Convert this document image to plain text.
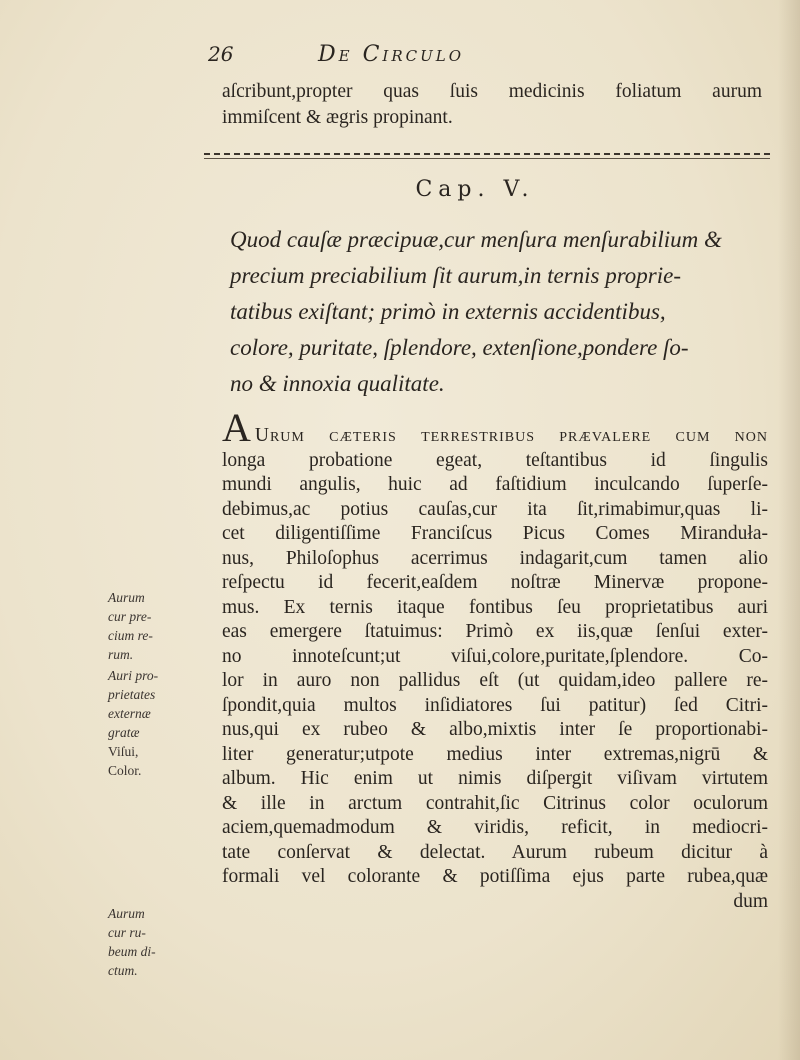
26	De Circulo

aſcribunt,propter quas ſuis medicinis foliatum aurum

immiſcent & ægris propinant.

Cap. V.

Quod cauſæ præcipuæ,cur menſura menſurabilium &
precium preciabilium ſit aurum,in ternis proprie-
tatibus exiſtant; primò in externis accidentibus,
colore, puritate, ſplendore, extenſione,pondere ſo-
no & innoxia qualitate.

A Urum cæteris terreſtribus prævalere cum non
longa probatione egeat, teſtantibus id ſingulis
mundi angulis, huic ad faſtidium inculcando ſuperſe-
debimus,ac potius cauſas,cur ita ſit,rimabimur,quas li-
cet diligentiſſime Franciſcus Picus Comes Miranduła-
nus, Philoſophus acerrimus indagarit,cum tamen alio
reſpectu id fecerit,eaſdem noſtræ Minervæ propone-
mus. Ex ternis itaque fontibus ſeu proprietatibus auri
eas emergere ſtatuimus: Primò ex iis,quæ ſenſui exter-
no innoteſcunt;ut viſui,colore,puritate,ſplendore. Co-
lor in auro non pallidus eſt (ut quidam,ideo pallere re-
ſpondit,quia multos inſidiatores ſui patitur) ſed Citri-
nus,qui ex rubeo & albo,mixtis inter ſe proportionabi-
liter generatur;utpote medius inter extremas,nigrū &
album. Hic enim ut nimis diſpergit viſivam virtutem
& ille in arctum contrahit,ſic Citrinus color oculorum
aciem,quemadmodum & viridis, reficit, in mediocri-
tate conſervat & delectat. Aurum rubeum dicitur à
formali vel colorante & potiſſima ejus parte rubea,quæ
dum

Aurum
cur pre-
cium re-
rum.
Auri pro-
prietates
externæ
gratæ
Viſui,
Color.
Aurum
cur ru-
beum di-
ctum.
